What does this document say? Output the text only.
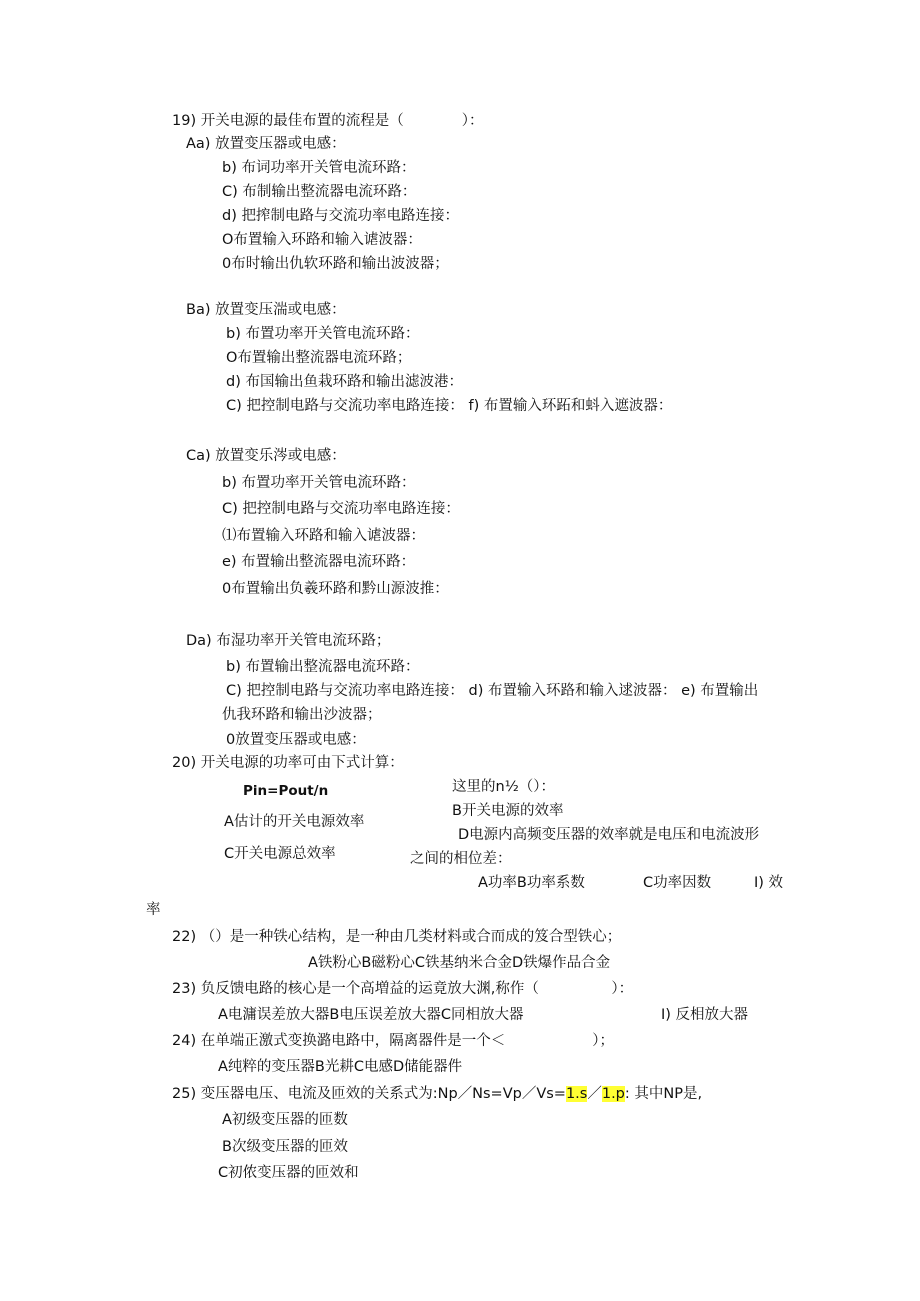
19) 开关电源的最佳布置的流程是（　　　　）：
Aa) 放置变压器或电感：
b) 布词功率开关管电流环路：
C) 布制输出整流器电流环路：
d) 把搾制电路与交流功率电路连接：
O布置输入环路和输入谑波器：
0布时输出仇软环路和输出波波器；
Ba) 放置变压湍或电感：
b) 布置功率开关管电流环路：
O布置输出整流器电流环路；
d) 布国输出鱼栽环路和输出滤波港：
C) 把控制电路与交流功率电路连接： f) 布置输入环跖和蚪入遮波器：
Ca) 放置变乐涔或电感：
b) 布置功率开关管电流环路：
C) 把控制电路与交流功率电路连接：
⑴布置输入环路和输入谑波器：
e) 布置输出整流器电流环路：
0布置输出负羲环路和黔山源波推：
Da) 布湿功率开关管电流环路；
b) 布置输出整流器电流环路：
C) 把控制电路与交流功率电路连接： d) 布置输入环路和输入逑波器： e) 布置输出
仇我环路和输出沙波器；
0放置变压器或电感：
20) 开关电源的功率可由下式计算：
Pin=Pout/n	这里的n½（）：
B开关电源的效率
A估计的开关电源效率
D电源内高频变压器的效率就是电压和电流波形
C开关电源总效率	之间的相位差：
A功率B功率系数	C功率因数	I) 效
率
22) （）是一种铁心结构，是一种由几类材料或合而成的笈合型铁心；
A铁粉心B磁粉心C铁基纳米合金D铁爆作品合金
23) 负反馈电路的核心是一个高増益的运竟放大渊,称作（　　　　　）：
A电滽误差放大器B电压误差放大器C同相放大器	I) 反相放大器
24) 在单端正激式变换潞电路中，隔离器件是一个＜　　　　　　）；
A纯粹的变压器B光耕C电感D储能器件
25) 变压器电压、电流及匝效的关系式为:Np／Ns=Vp／Vs=1.s／1.p: 其中NP是,
A初级变压器的匝数
B次级变压器的匝效
C初侬变压器的匝效和
